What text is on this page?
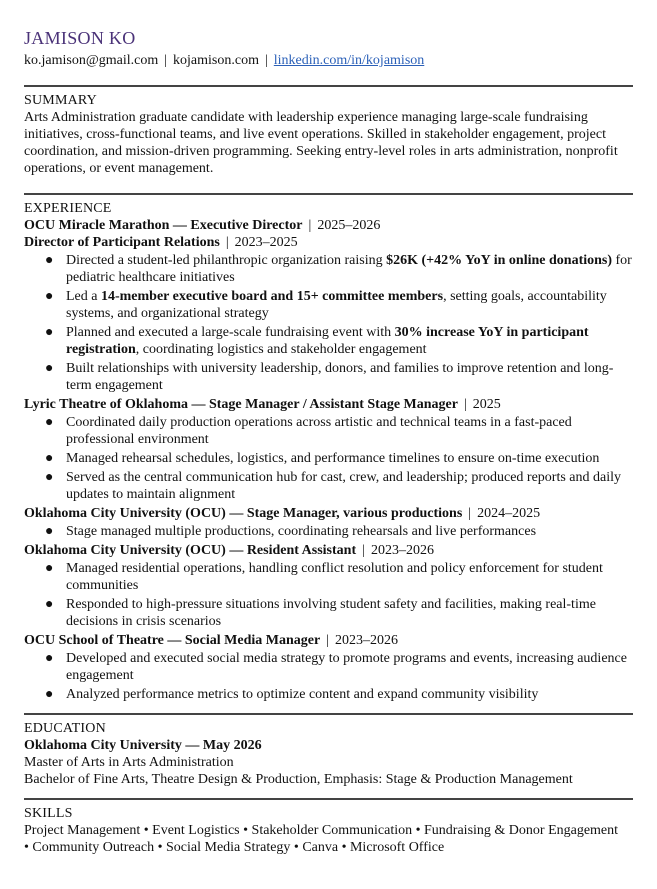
JAMISON KO
ko.jamison@gmail.com | kojamison.com | linkedin.com/in/kojamison
SUMMARY
Arts Administration graduate candidate with leadership experience managing large-scale fundraising initiatives, cross-functional teams, and live event operations. Skilled in stakeholder engagement, project coordination, and mission-driven programming. Seeking entry-level roles in arts administration, nonprofit operations, or event management.
EXPERIENCE
OCU Miracle Marathon — Executive Director | 2025–2026
Director of Participant Relations | 2023–2025
● Directed a student-led philanthropic organization raising $26K (+42% YoY in online donations) for pediatric healthcare initiatives
● Led a 14-member executive board and 15+ committee members, setting goals, accountability systems, and organizational strategy
● Planned and executed a large-scale fundraising event with 30% increase YoY in participant registration, coordinating logistics and stakeholder engagement
● Built relationships with university leadership, donors, and families to improve retention and long-term engagement
Lyric Theatre of Oklahoma — Stage Manager / Assistant Stage Manager | 2025
● Coordinated daily production operations across artistic and technical teams in a fast-paced professional environment
● Managed rehearsal schedules, logistics, and performance timelines to ensure on-time execution
● Served as the central communication hub for cast, crew, and leadership; produced reports and daily updates to maintain alignment
Oklahoma City University (OCU) — Stage Manager, various productions | 2024–2025
● Stage managed multiple productions, coordinating rehearsals and live performances
Oklahoma City University (OCU) — Resident Assistant | 2023–2026
● Managed residential operations, handling conflict resolution and policy enforcement for student communities
● Responded to high-pressure situations involving student safety and facilities, making real-time decisions in crisis scenarios
OCU School of Theatre — Social Media Manager | 2023–2026
● Developed and executed social media strategy to promote programs and events, increasing audience engagement
● Analyzed performance metrics to optimize content and expand community visibility
EDUCATION
Oklahoma City University — May 2026
Master of Arts in Arts Administration
Bachelor of Fine Arts, Theatre Design & Production, Emphasis: Stage & Production Management
SKILLS
Project Management • Event Logistics • Stakeholder Communication • Fundraising & Donor Engagement
• Community Outreach • Social Media Strategy • Canva • Microsoft Office
